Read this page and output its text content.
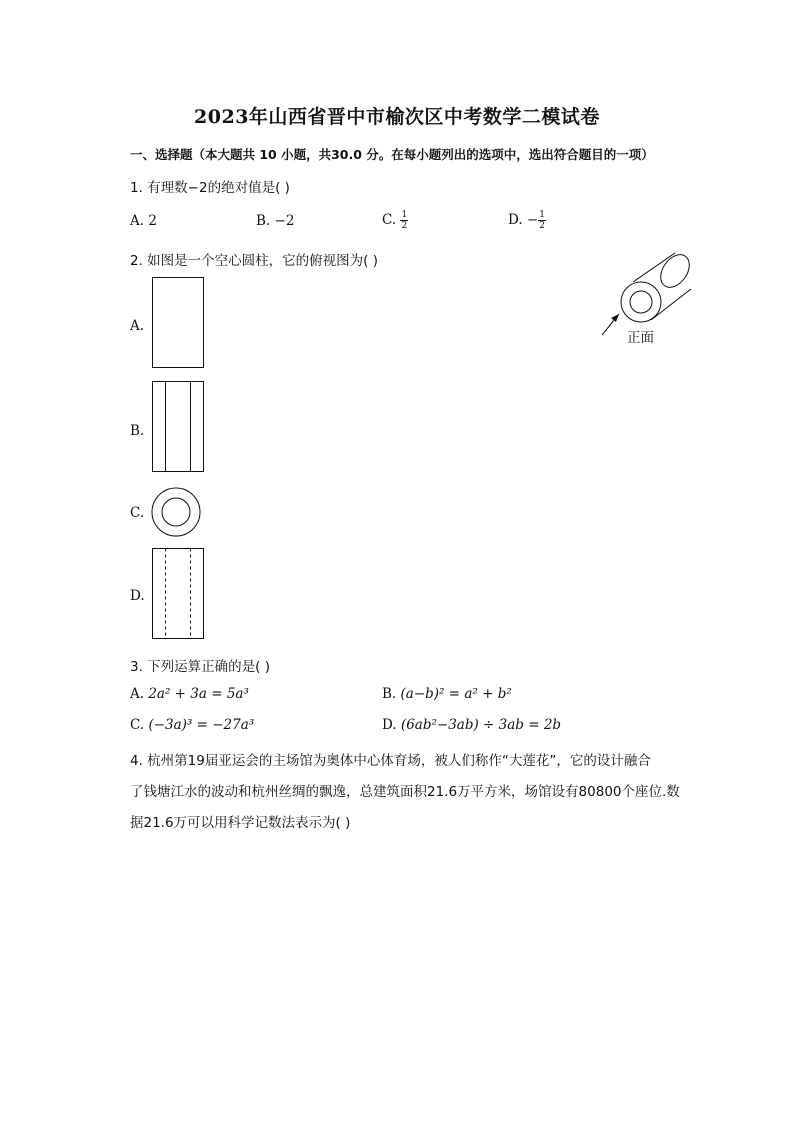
2023年山西省晋中市榆次区中考数学二模试卷
一、选择题（本大题共 10 小题，共30.0 分。在每小题列出的选项中，选出符合题目的一项）
1. 有理数−2的绝对值是( )
A. 2	B. −2	C. $\frac{1}{2}$	D. − $\frac{1}{2}$
2. 如图是一个空心圆柱，它的俯视图为( )
正面
A.
B.
C.
D.
3. 下列运算正确的是( )
A. 2a² + 3a = 5a³	B. (a−b)² = a² + b²
C. (−3a)³ = −27a³	D. (6ab²−3ab) ÷ 3ab = 2b
4. 杭州第19届亚运会的主场馆为奥体中心体育场，被人们称作“大莲花”，它的设计融合
了钱塘江水的波动和杭州丝绸的飘逸，总建筑面积21.6万平方米，场馆设有80800个座位.数
据21.6万可以用科学记数法表示为( )
